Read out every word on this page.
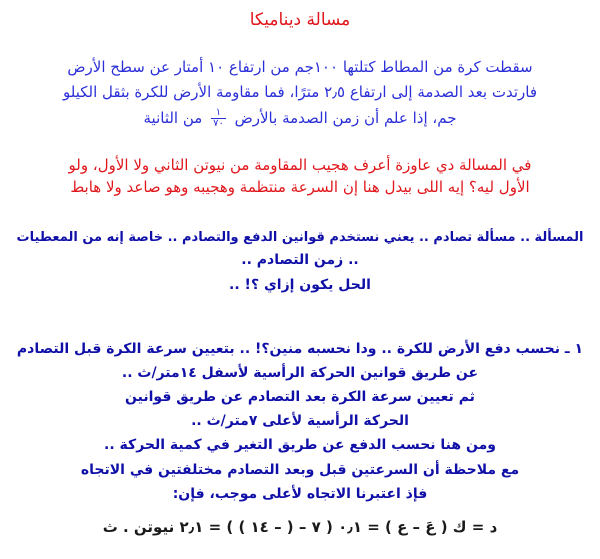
مسالة ديناميكا
سقطت كرة من المطاط كتلتها ١٠٠جم من ارتفاع ١٠ أمتار عن سطح الأرض
فارتدت بعد الصدمة إلى ارتفاع ٢٫٥ مترًا، فما مقاومة الأرض للكرة بثقل الكيلو
جم، إذا علم أن زمن الصدمة بالأرض
$\frac{١}{٧٠}$
من الثانية
في المسالة دي عاوزة أعرف هجيب المقاومة من نيوتن الثاني ولا الأول، ولو
الأول ليه؟ إيه اللى بيدل هنا إن السرعة منتظمة وهجيبه وهو صاعد ولا هابط
المسألة .. مسألة تصادم .. يعني نستخدم قوانين الدفع والتصادم .. خاصة إنه من المعطيات
.. زمن التصادم ..
الحل يكون إزاي ؟! ..
١ ـ نحسب دفع الأرض للكرة .. ودا نحسبه منين؟! .. بتعيين سرعة الكرة قبل التصادم
عن طريق قوانين الحركة الرأسية لأسفل ١٤متر/ث ..
ثم تعيين سرعة الكرة بعد التصادم عن طريق قوانين
الحركة الرأسية لأعلى ٧متر/ث ..
ومن هنا نحسب الدفع عن طريق التغير في كمية الحركة ..
مع ملاحظة أن السرعتين قبل وبعد التصادم مختلفتين في الاتجاه
فإذ اعتبرنا الاتجاه لأعلى موجب، فإن:
د = ك ( عَ – ع ) = ٠٫١ ( ٧ – ( – ١٤ ) ) = ٢٫١ نيوتن . ث
